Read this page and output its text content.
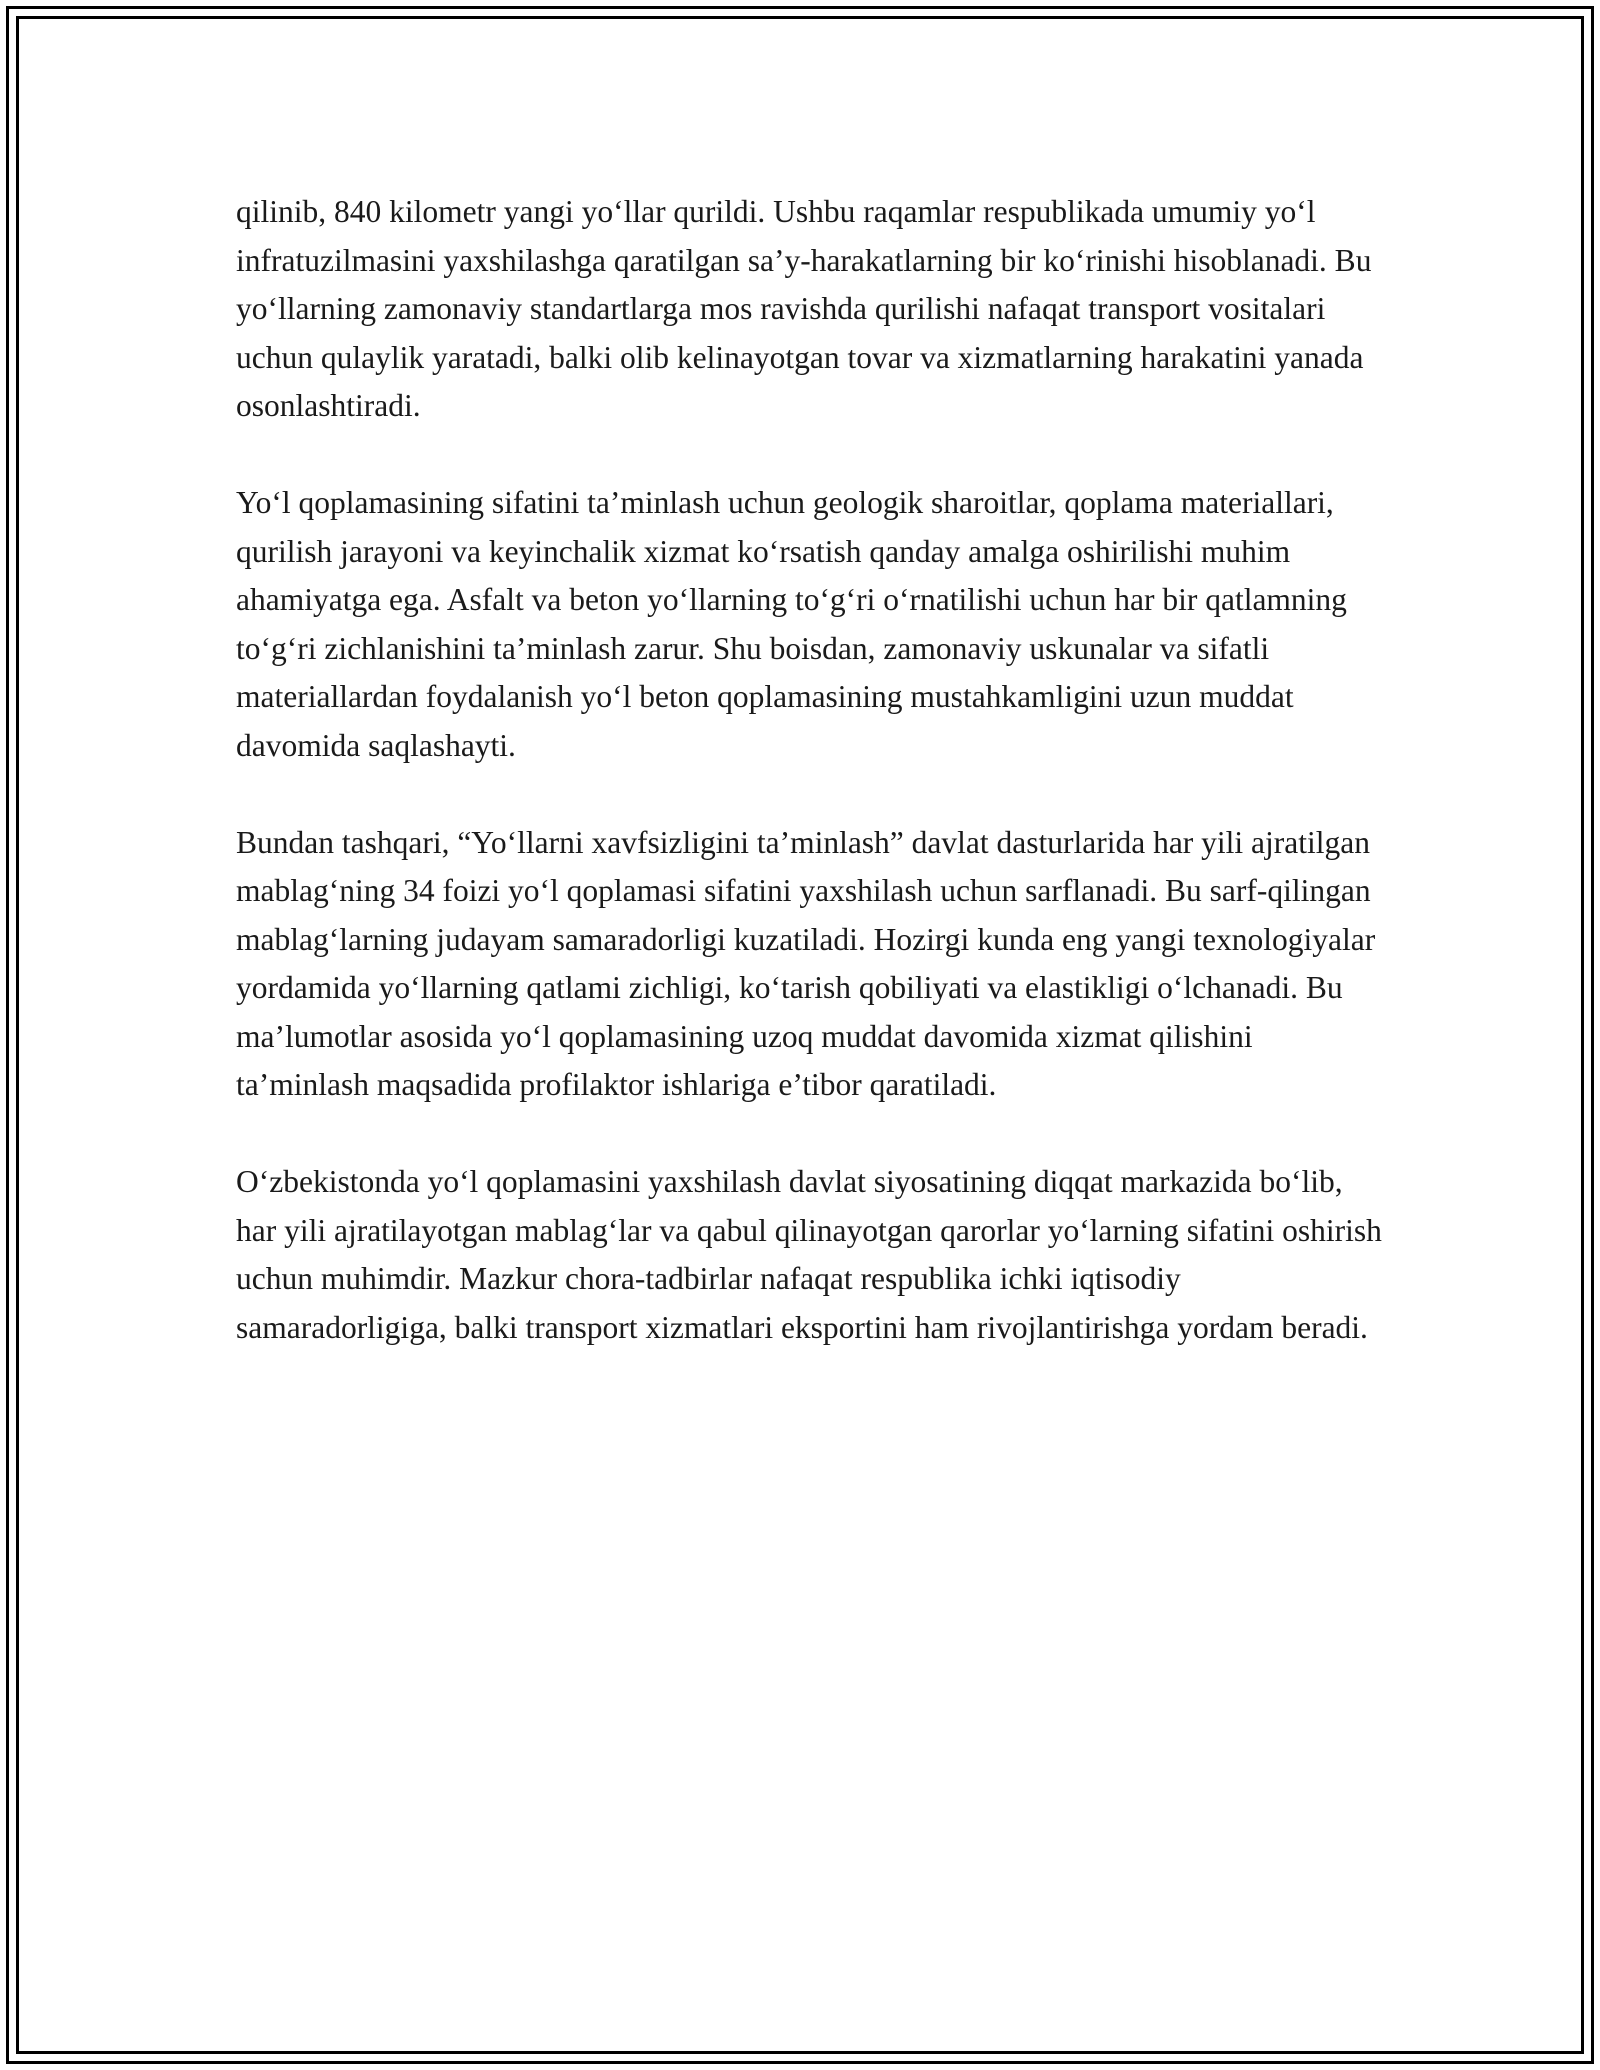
qilinib, 840 kilometr yangi yo‘llar qurildi. Ushbu raqamlar respublikada umumiy yo‘l infratuzilmasini yaxshilashga qaratilgan sa’y-harakatlarning bir ko‘rinishi hisoblanadi. Bu yo‘llarning zamonaviy standartlarga mos ravishda qurilishi nafaqat transport vositalari uchun qulaylik yaratadi, balki olib kelinayotgan tovar va xizmatlarning harakatini yanada osonlashtiradi.

Yo‘l qoplamasining sifatini ta’minlash uchun geologik sharoitlar, qoplama materiallari, qurilish jarayoni va keyinchalik xizmat ko‘rsatish qanday amalga oshirilishi muhim ahamiyatga ega. Asfalt va beton yo‘llarning to‘g‘ri o‘rnatilishi uchun har bir qatlamning to‘g‘ri zichlanishini ta’minlash zarur. Shu boisdan, zamonaviy uskunalar va sifatli materiallardan foydalanish yo‘l beton qoplamasining mustahkamligini uzun muddat davomida saqlashayti.

Bundan tashqari, “Yo‘llarni xavfsizligini ta’minlash” davlat dasturlarida har yili ajratilgan mablag‘ning 34 foizi yo‘l qoplamasi sifatini yaxshilash uchun sarflanadi. Bu sarf-qilingan mablag‘larning judayam samaradorligi kuzatiladi. Hozirgi kunda eng yangi texnologiyalar yordamida yo‘llarning qatlami zichligi, ko‘tarish qobiliyati va elastikligi o‘lchanadi. Bu ma’lumotlar asosida yo‘l qoplamasining uzoq muddat davomida xizmat qilishini ta’minlash maqsadida profilaktor ishlariga e’tibor qaratiladi.

O‘zbekistonda yo‘l qoplamasini yaxshilash davlat siyosatining diqqat markazida bo‘lib, har yili ajratilayotgan mablag‘lar va qabul qilinayotgan qarorlar yo‘larning sifatini oshirish uchun muhimdir. Mazkur chora-tadbirlar nafaqat respublika ichki iqtisodiy samaradorligiga, balki transport xizmatlari eksportini ham rivojlantirishga yordam beradi.
